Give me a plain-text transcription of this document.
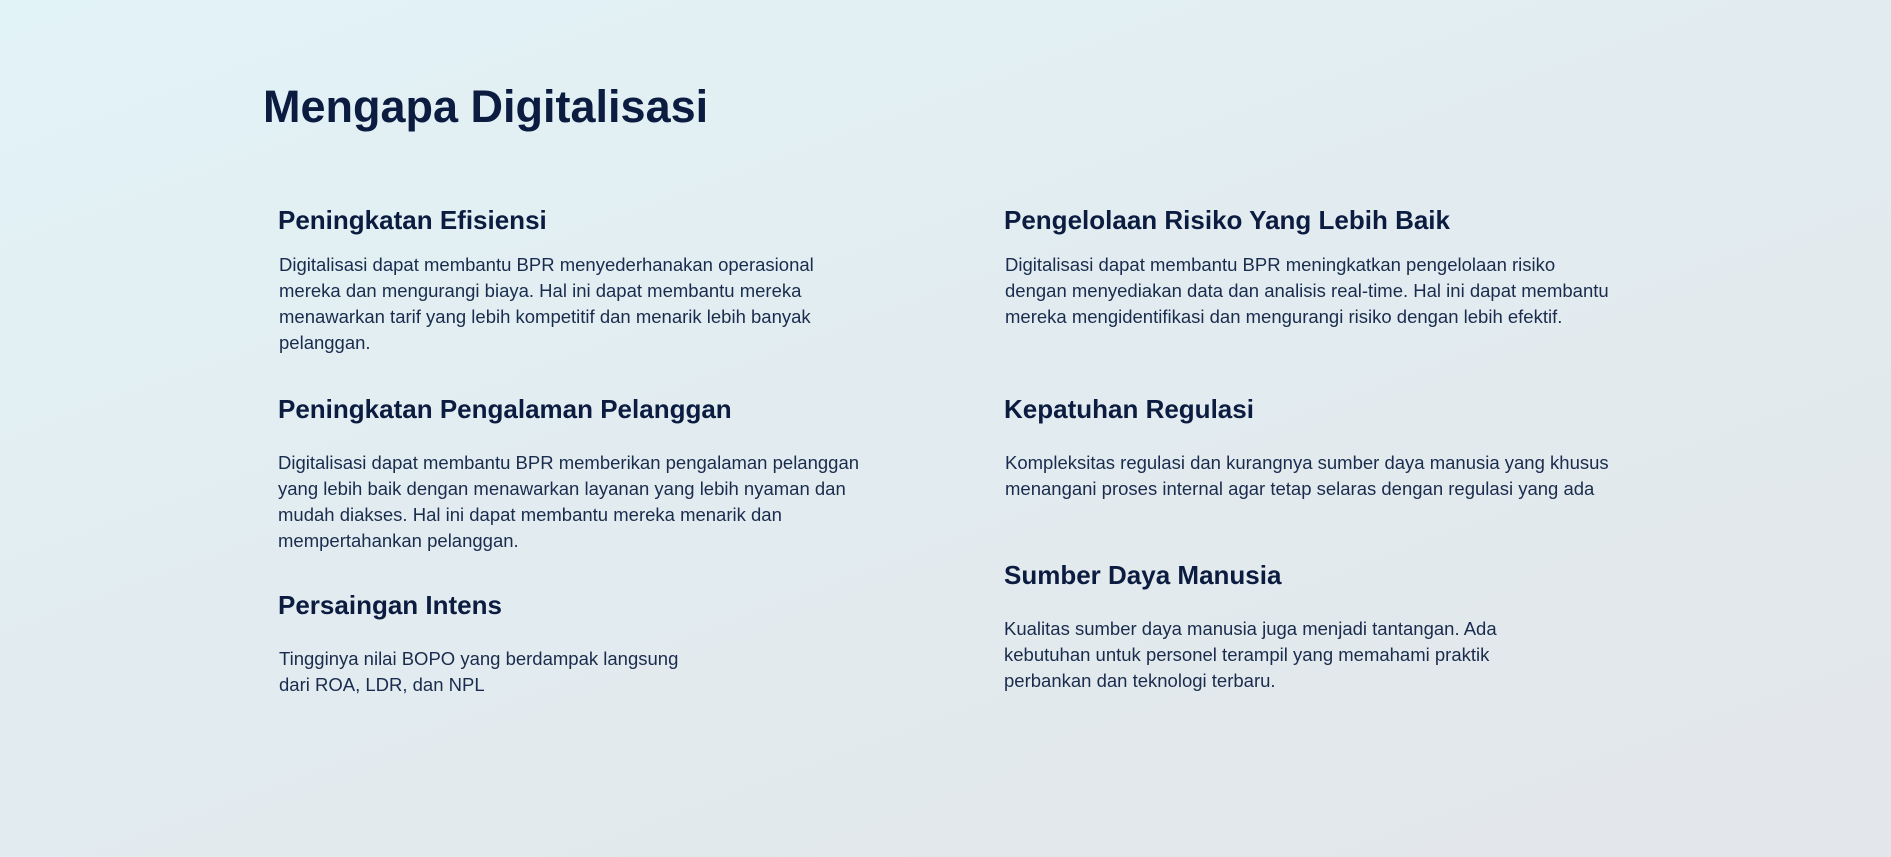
Mengapa Digitalisasi
Peningkatan Efisiensi

Digitalisasi dapat membantu BPR menyederhanakan operasional
mereka dan mengurangi biaya. Hal ini dapat membantu mereka
menawarkan tarif yang lebih kompetitif dan menarik lebih banyak
pelanggan.

Peningkatan Pengalaman Pelanggan

Digitalisasi dapat membantu BPR memberikan pengalaman pelanggan
yang lebih baik dengan menawarkan layanan yang lebih nyaman dan
mudah diakses. Hal ini dapat membantu mereka menarik dan
mempertahankan pelanggan.

Persaingan Intens

Tingginya nilai BOPO yang berdampak langsung
dari ROA, LDR, dan NPL

Pengelolaan Risiko Yang Lebih Baik

Digitalisasi dapat membantu BPR meningkatkan pengelolaan risiko
dengan menyediakan data dan analisis real-time. Hal ini dapat membantu
mereka mengidentifikasi dan mengurangi risiko dengan lebih efektif.

Kepatuhan Regulasi

Kompleksitas regulasi dan kurangnya sumber daya manusia yang khusus
menangani proses internal agar tetap selaras dengan regulasi yang ada

Sumber Daya Manusia

Kualitas sumber daya manusia juga menjadi tantangan. Ada
kebutuhan untuk personel terampil yang memahami praktik
perbankan dan teknologi terbaru.
